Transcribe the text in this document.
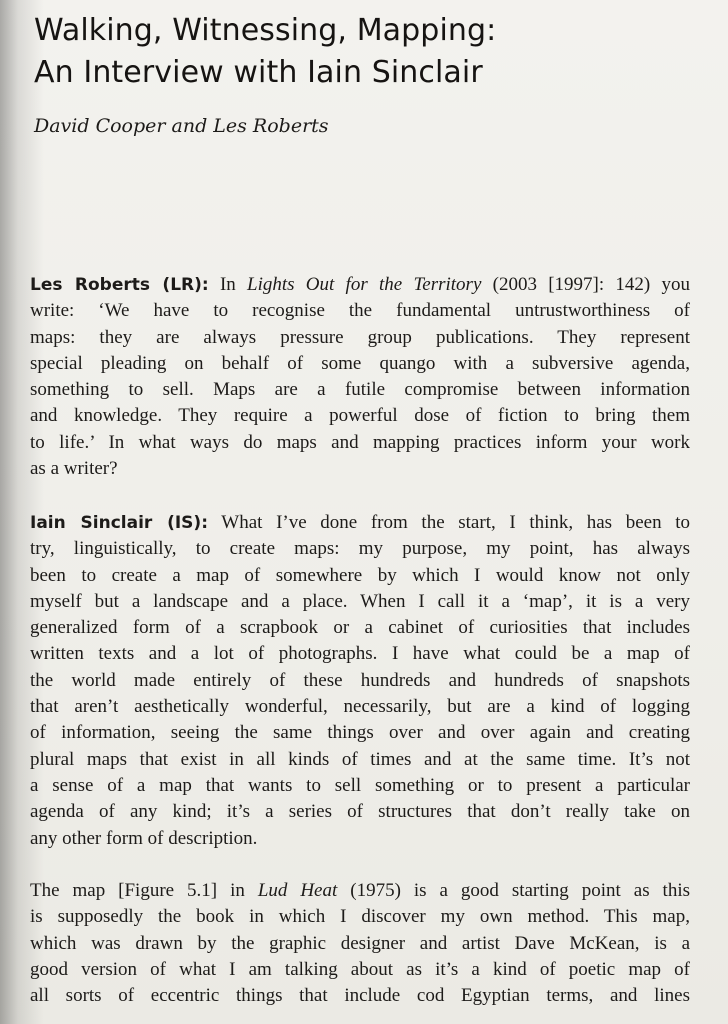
Walking, Witnessing, Mapping:
An Interview with Iain Sinclair

David Cooper and Les Roberts

Les Roberts (LR): In Lights Out for the Territory (2003 [1997]: 142) you
write: ‘We have to recognise the fundamental untrustworthiness of
maps: they are always pressure group publications. They represent
special pleading on behalf of some quango with a subversive agenda,
something to sell. Maps are a futile compromise between information
and knowledge. They require a powerful dose of fiction to bring them
to life.’ In what ways do maps and mapping practices inform your work
as a writer?
Iain Sinclair (IS): What I’ve done from the start, I think, has been to
try, linguistically, to create maps: my purpose, my point, has always
been to create a map of somewhere by which I would know not only
myself but a landscape and a place. When I call it a ‘map’, it is a very
generalized form of a scrapbook or a cabinet of curiosities that includes
written texts and a lot of photographs. I have what could be a map of
the world made entirely of these hundreds and hundreds of snapshots
that aren’t aesthetically wonderful, necessarily, but are a kind of logging
of information, seeing the same things over and over again and creating
plural maps that exist in all kinds of times and at the same time. It’s not
a sense of a map that wants to sell something or to present a particular
agenda of any kind; it’s a series of structures that don’t really take on
any other form of description.
The map [Figure 5.1] in Lud Heat (1975) is a good starting point as this
is supposedly the book in which I discover my own method. This map,
which was drawn by the graphic designer and artist Dave McKean, is a
good version of what I am talking about as it’s a kind of poetic map of
all sorts of eccentric things that include cod Egyptian terms, and lines
